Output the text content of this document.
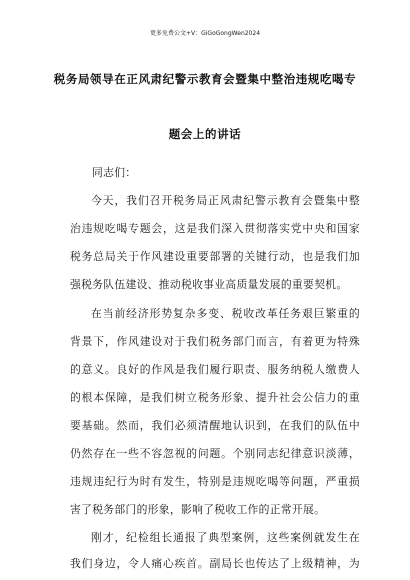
更多免费公文+V：GiGoGongWen2024
税务局领导在正风肃纪警示教育会暨集中整治违规吃喝专
题会上的讲话
同志们：
今天，我们召开税务局正风肃纪警示教育会暨集中整
治违规吃喝专题会，这是我们深入贯彻落实党中央和国家
税务总局关于作风建设重要部署的关键行动，也是我们加
强税务队伍建设、推动税收事业高质量发展的重要契机。
在当前经济形势复杂多变、税收改革任务艰巨繁重的
背景下，作风建设对于我们税务部门而言，有着更为特殊
的意义。良好的作风是我们履行职责、服务纳税人缴费人
的根本保障，是我们树立税务形象、提升社会公信力的重
要基础。然而，我们必须清醒地认识到，在我们的队伍中
仍然存在一些不容忽视的问题。个别同志纪律意识淡薄，
违规违纪行为时有发生，特别是违规吃喝等问题，严重损
害了税务部门的形象，影响了税收工作的正常开展。
刚才，纪检组长通报了典型案例，这些案例就发生在
我们身边，令人痛心疾首。副局长也传达了上级精神，为
